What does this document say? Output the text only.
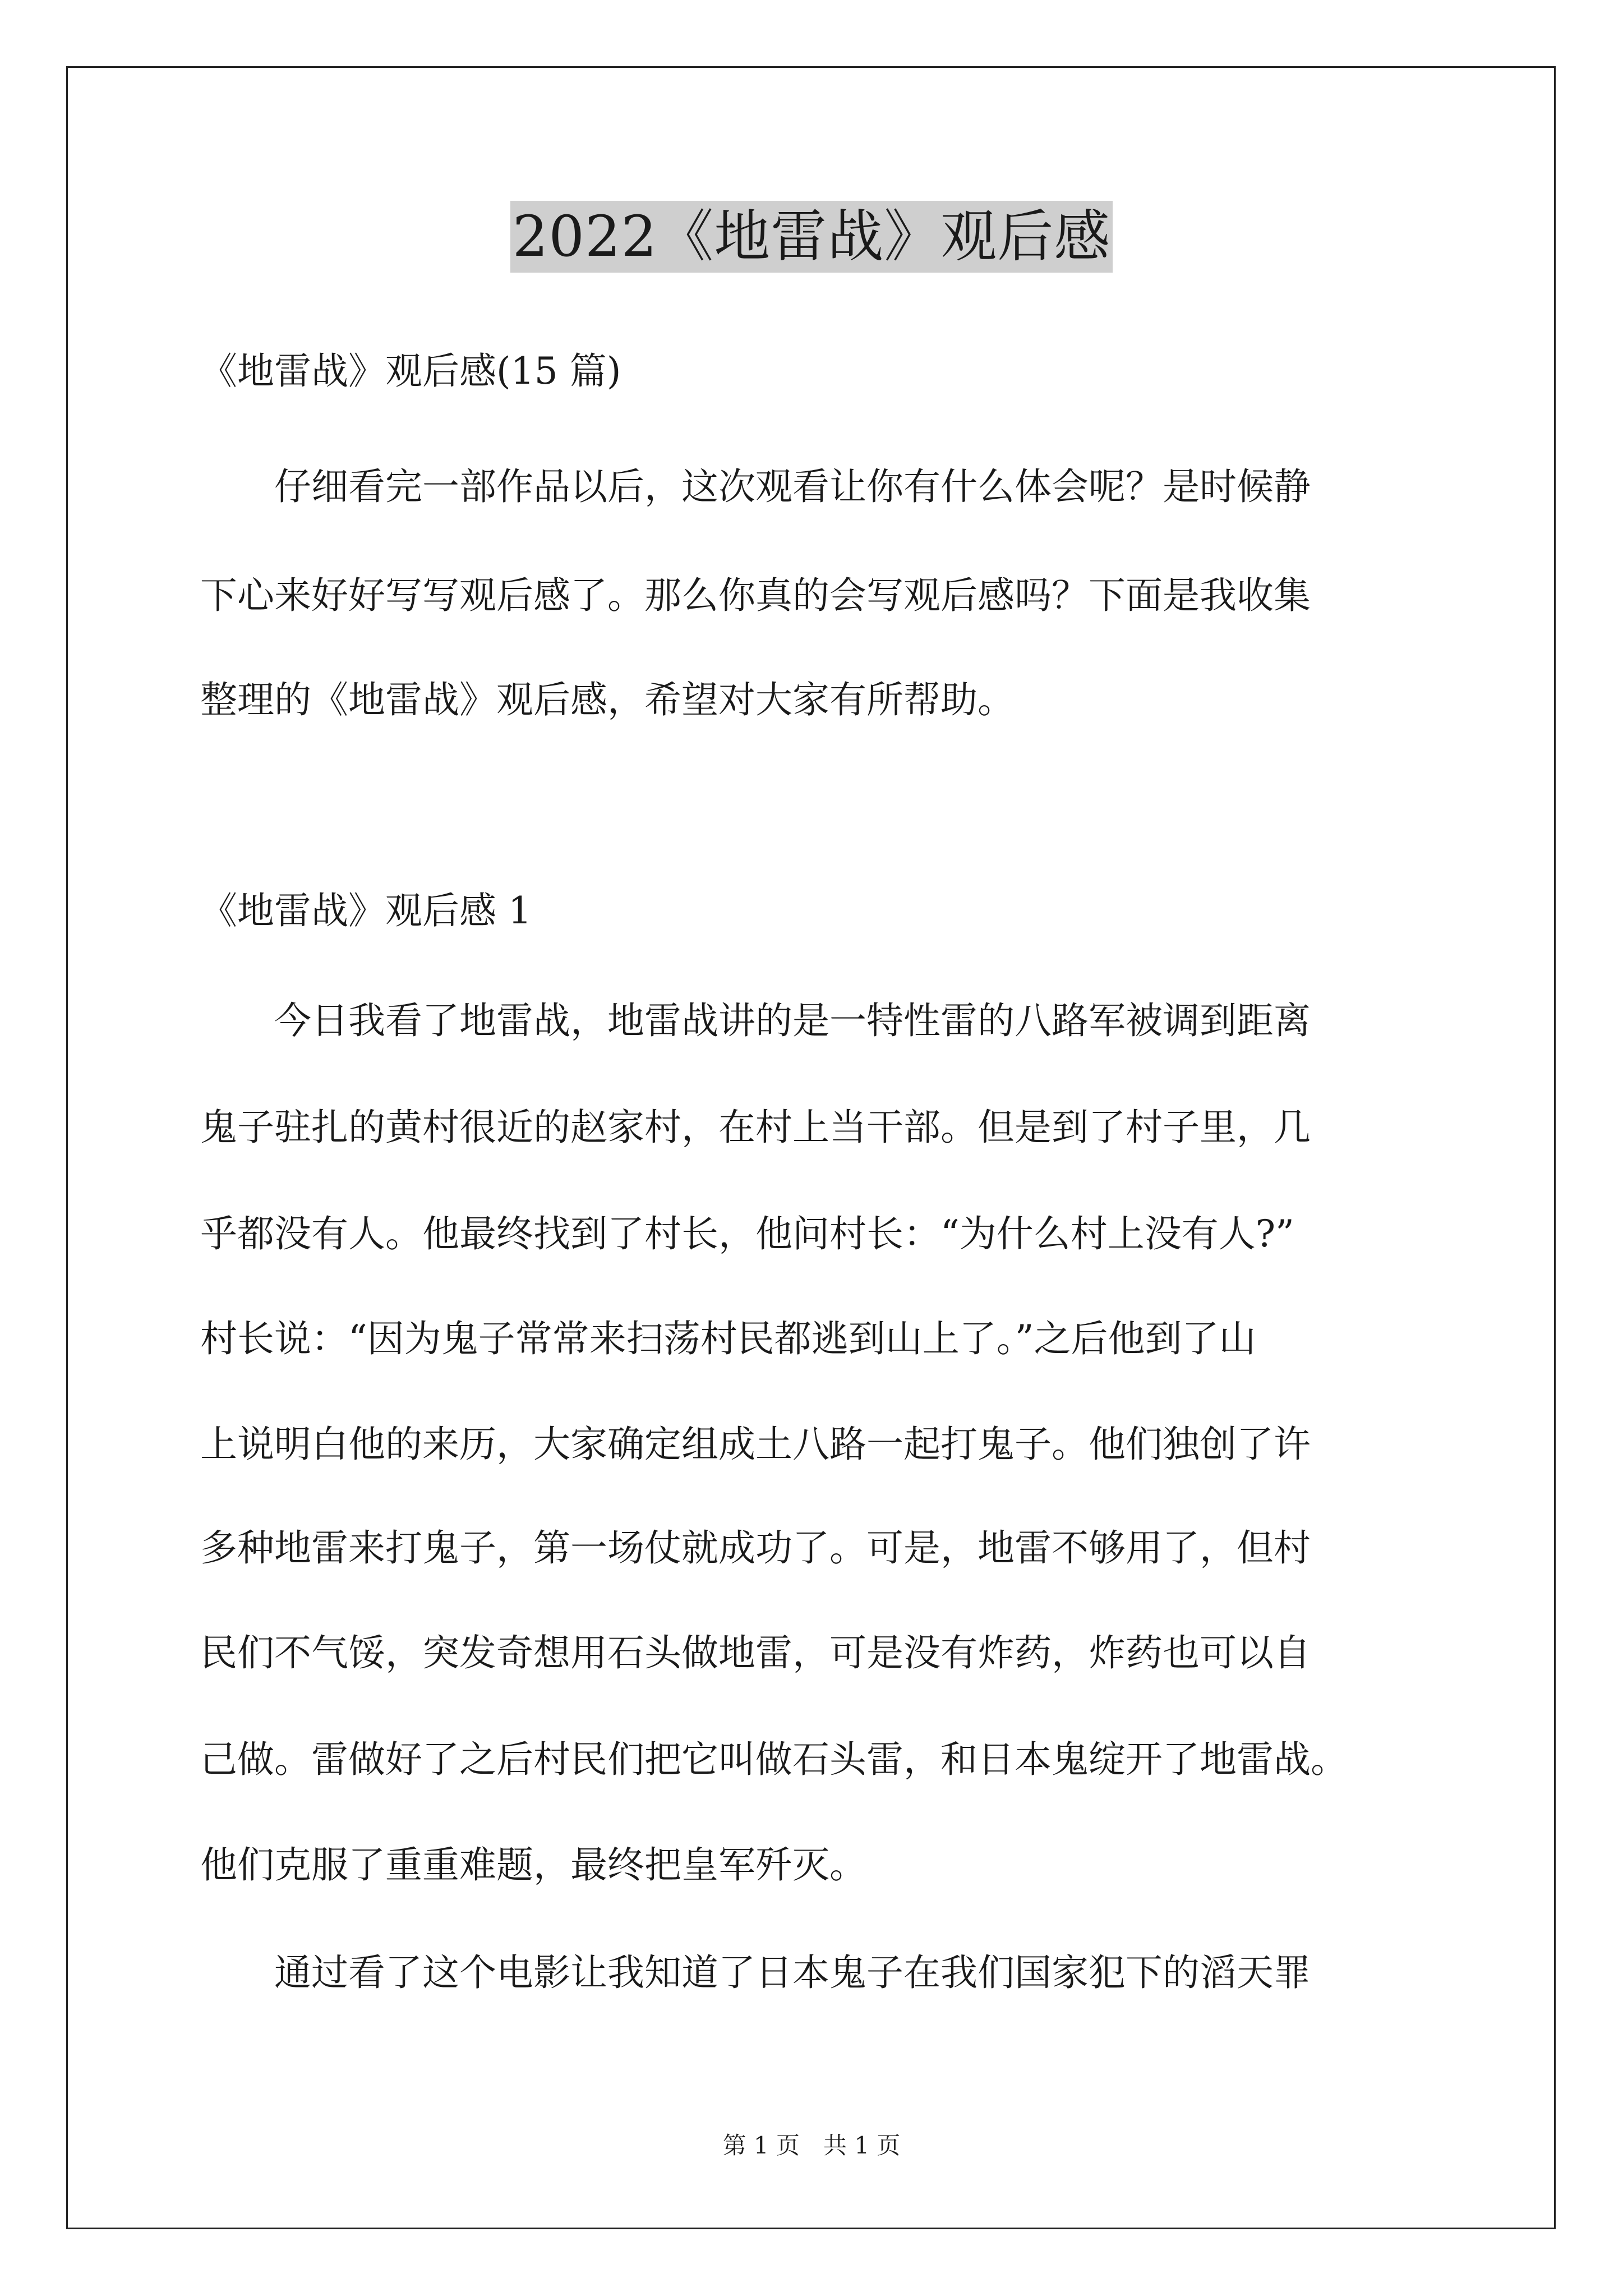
2022《地雷战》观后感
《地雷战》观后感(15 篇)
　　仔细看完一部作品以后，这次观看让你有什么体会呢？是时候静
下心来好好写写观后感了。那么你真的会写观后感吗？下面是我收集
整理的《地雷战》观后感，希望对大家有所帮助。
《地雷战》观后感 1
　　今日我看了地雷战，地雷战讲的是一特性雷的八路军被调到距离
鬼子驻扎的黄村很近的赵家村，在村上当干部。但是到了村子里，几
乎都没有人。他最终找到了村长，他问村长：“为什么村上没有人?”
村长说：“因为鬼子常常来扫荡村民都逃到山上了。”之后他到了山
上说明白他的来历，大家确定组成土八路一起打鬼子。他们独创了许
多种地雷来打鬼子，第一场仗就成功了。可是，地雷不够用了，但村
民们不气馁，突发奇想用石头做地雷，可是没有炸药，炸药也可以自
己做。雷做好了之后村民们把它叫做石头雷，和日本鬼绽开了地雷战。
他们克服了重重难题，最终把皇军歼灭。
　　通过看了这个电影让我知道了日本鬼子在我们国家犯下的滔天罪
第 1 页　共 1 页
